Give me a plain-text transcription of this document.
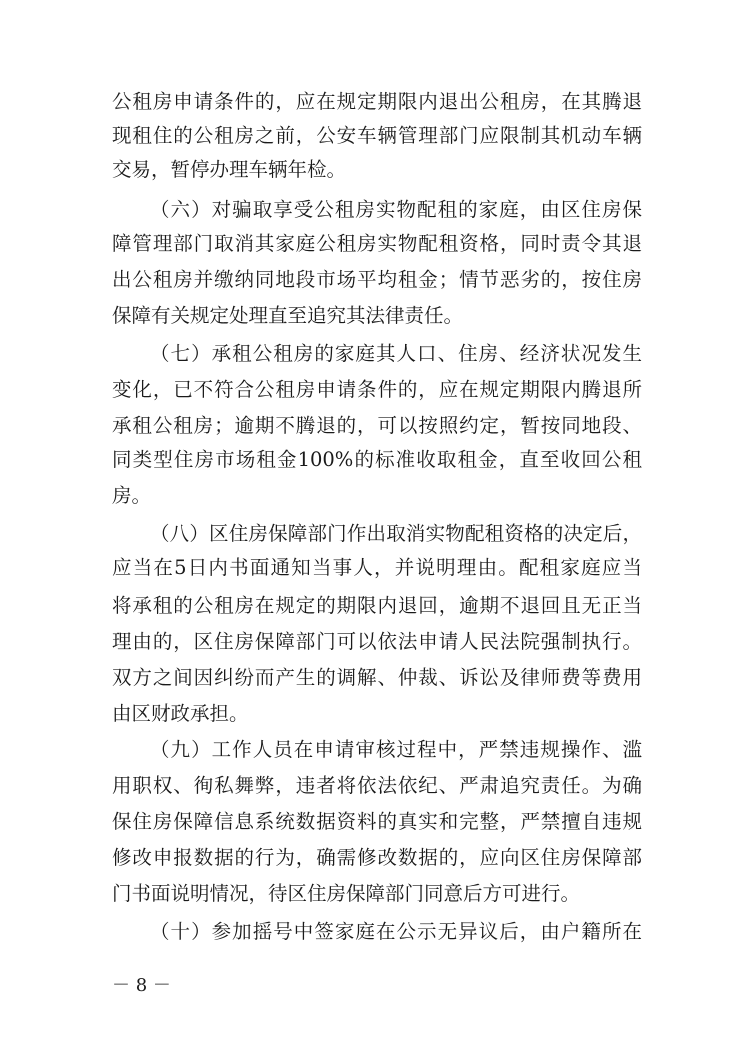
公租房申请条件的，应在规定期限内退出公租房，在其腾退
现租住的公租房之前，公安车辆管理部门应限制其机动车辆
交易，暂停办理车辆年检。
（六）对骗取享受公租房实物配租的家庭，由区住房保
障管理部门取消其家庭公租房实物配租资格，同时责令其退
出公租房并缴纳同地段市场平均租金；情节恶劣的，按住房
保障有关规定处理直至追究其法律责任。
（七）承租公租房的家庭其人口、住房、经济状况发生
变化，已不符合公租房申请条件的，应在规定期限内腾退所
承租公租房；逾期不腾退的，可以按照约定，暂按同地段、
同类型住房市场租金100%的标准收取租金，直至收回公租
房。
（八）区住房保障部门作出取消实物配租资格的决定后，
应当在5日内书面通知当事人，并说明理由。配租家庭应当
将承租的公租房在规定的期限内退回，逾期不退回且无正当
理由的，区住房保障部门可以依法申请人民法院强制执行。
双方之间因纠纷而产生的调解、仲裁、诉讼及律师费等费用
由区财政承担。
（九）工作人员在申请审核过程中，严禁违规操作、滥
用职权、徇私舞弊，违者将依法依纪、严肃追究责任。为确
保住房保障信息系统数据资料的真实和完整，严禁擅自违规
修改申报数据的行为，确需修改数据的，应向区住房保障部
门书面说明情况，待区住房保障部门同意后方可进行。
（十）参加摇号中签家庭在公示无异议后，由户籍所在
－ 8 －
